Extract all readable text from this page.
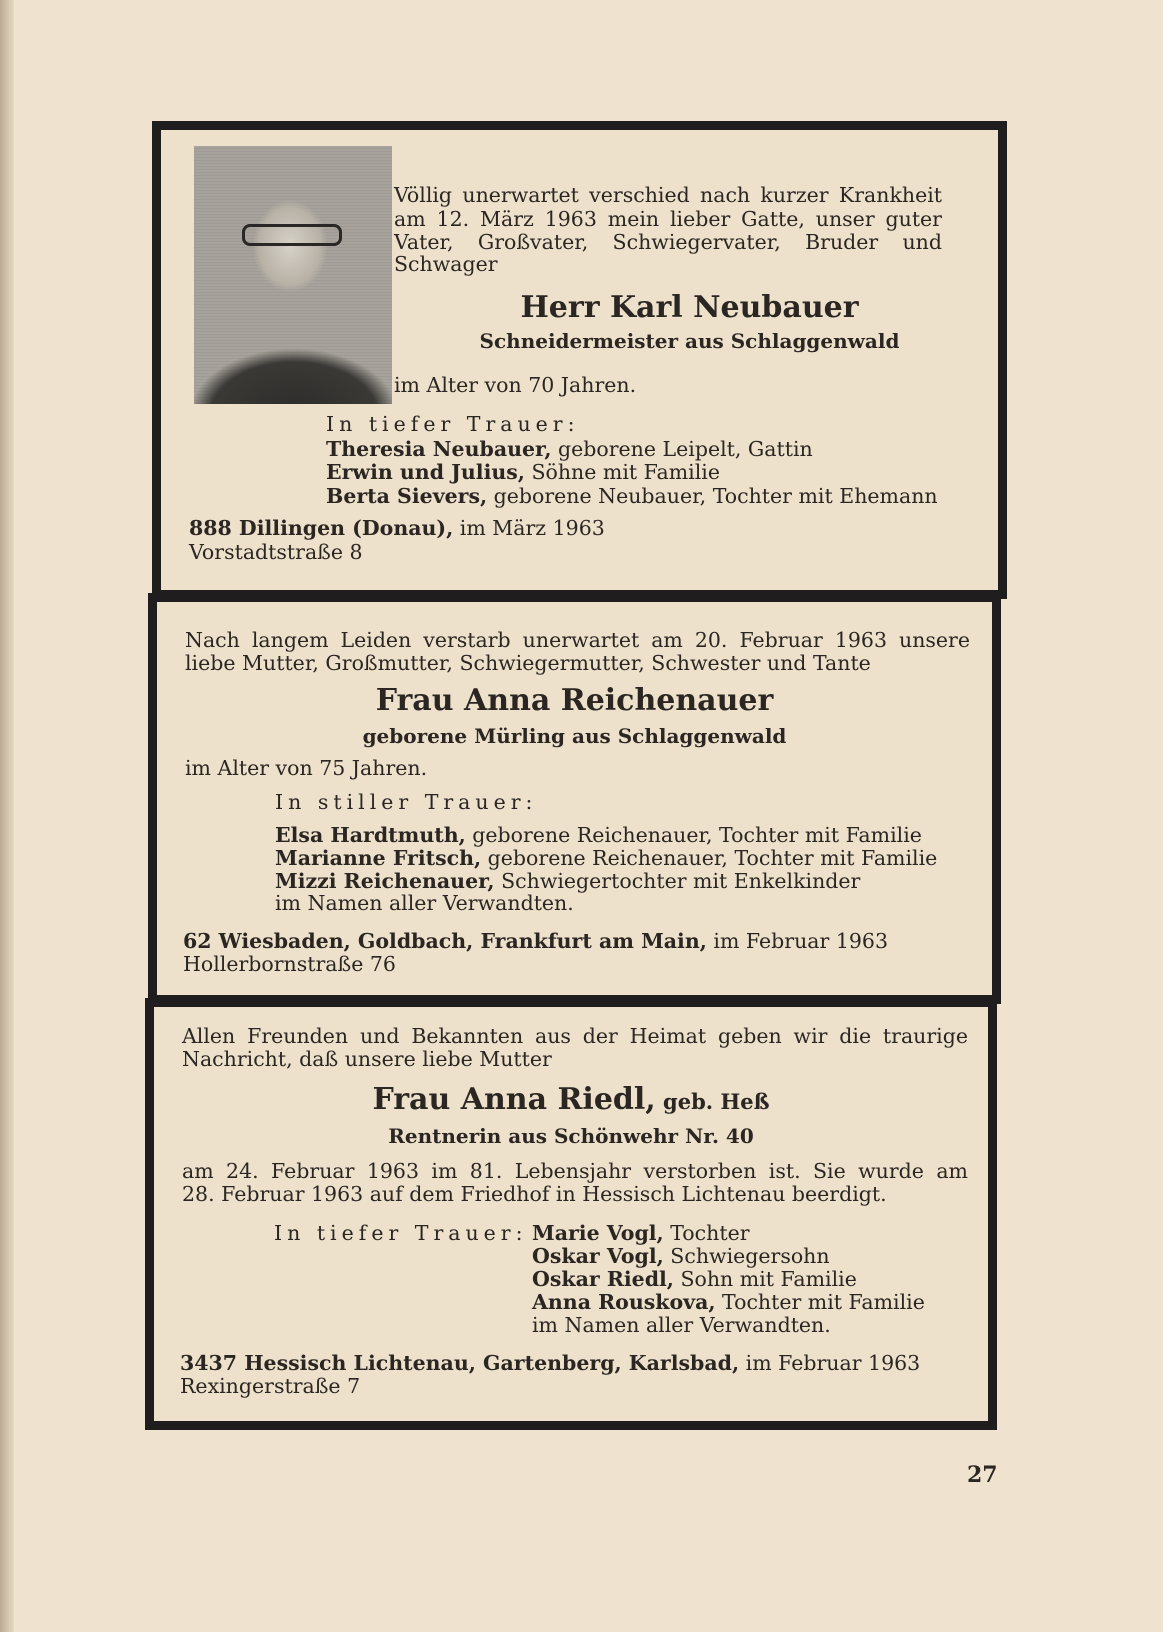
Völlig unerwartet verschied nach kurzer Krankheit
am 12. März 1963 mein lieber Gatte, unser guter
Vater, Großvater, Schwiegervater, Bruder und
Schwager
Herr Karl Neubauer
Schneidermeister aus Schlaggenwald
im Alter von 70 Jahren.
In tiefer Trauer:
Theresia Neubauer, geborene Leipelt, Gattin
Erwin und Julius, Söhne mit Familie
Berta Sievers, geborene Neubauer, Tochter mit Ehemann
888 Dillingen (Donau), im März 1963
Vorstadtstraße 8
Nach langem Leiden verstarb unerwartet am 20. Februar 1963 unsere
liebe Mutter, Großmutter, Schwiegermutter, Schwester und Tante
Frau Anna Reichenauer
geborene Mürling aus Schlaggenwald
im Alter von 75 Jahren.
In stiller Trauer:
Elsa Hardtmuth, geborene Reichenauer, Tochter mit Familie
Marianne Fritsch, geborene Reichenauer, Tochter mit Familie
Mizzi Reichenauer, Schwiegertochter mit Enkelkinder
im Namen aller Verwandten.
62 Wiesbaden, Goldbach, Frankfurt am Main, im Februar 1963
Hollerbornstraße 76
Allen Freunden und Bekannten aus der Heimat geben wir die traurige
Nachricht, daß unsere liebe Mutter
Frau Anna Riedl, geb. Heß
Rentnerin aus Schönwehr Nr. 40
am 24. Februar 1963 im 81. Lebensjahr verstorben ist. Sie wurde am
28. Februar 1963 auf dem Friedhof in Hessisch Lichtenau beerdigt.
In tiefer Trauer: Marie Vogl, Tochter
Oskar Vogl, Schwiegersohn
Oskar Riedl, Sohn mit Familie
Anna Rouskova, Tochter mit Familie
im Namen aller Verwandten.
3437 Hessisch Lichtenau, Gartenberg, Karlsbad, im Februar 1963
Rexingerstraße 7
27
